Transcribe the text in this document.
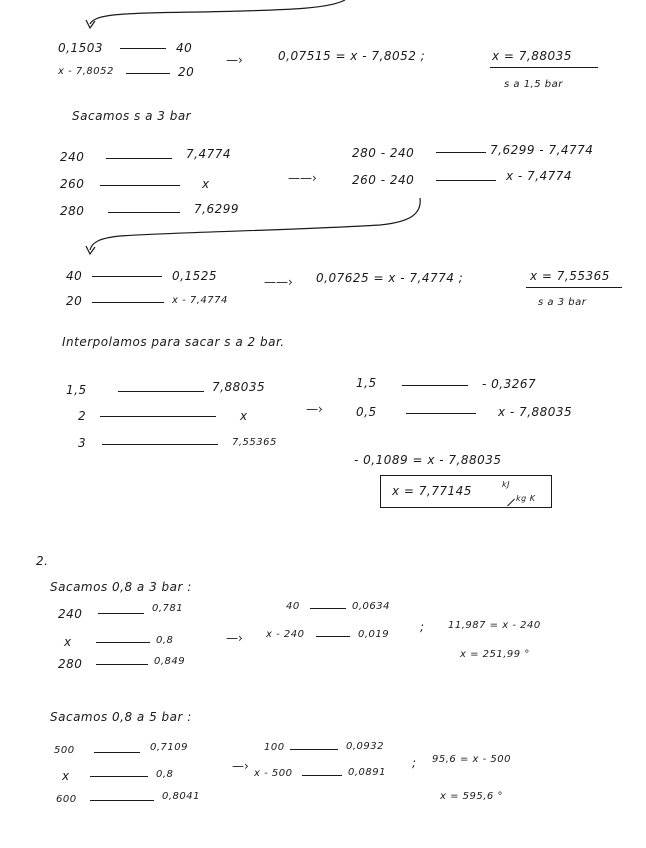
0,1503	40
x - 7,8052	20
—›	0,07515 = x - 7,8052 ;	x = 7,88035
s a 1,5 bar
Sacamos s a 3 bar
240	7,4774
260	x
280	7,6299
——›
280 - 240	7,6299 - 7,4774
260 - 240	x - 7,4774
40	0,1525
20	x - 7,4774
——› 0,07625 = x - 7,4774 ;	x = 7,55365
s a 3 bar
Interpolamos para sacar s a 2 bar.
1,5	7,88035
2	x
3	7,55365
—›
1,5	- 0,3267
0,5	x - 7,88035
- 0,1089 = x - 7,88035
x = 7,77145	kJ
kg K
2.
Sacamos 0,8 a 3 bar :
240	0,781
x	0,8
280	0,849
—›
40	0,0634
x - 240	0,019
; 11,987 = x - 240
x = 251,99 °
Sacamos 0,8 a 5 bar :
500	0,7109
x	0,8
600	0,8041
—›
100	0,0932
x - 500	0,0891
; 95,6 = x - 500
x = 595,6 °
